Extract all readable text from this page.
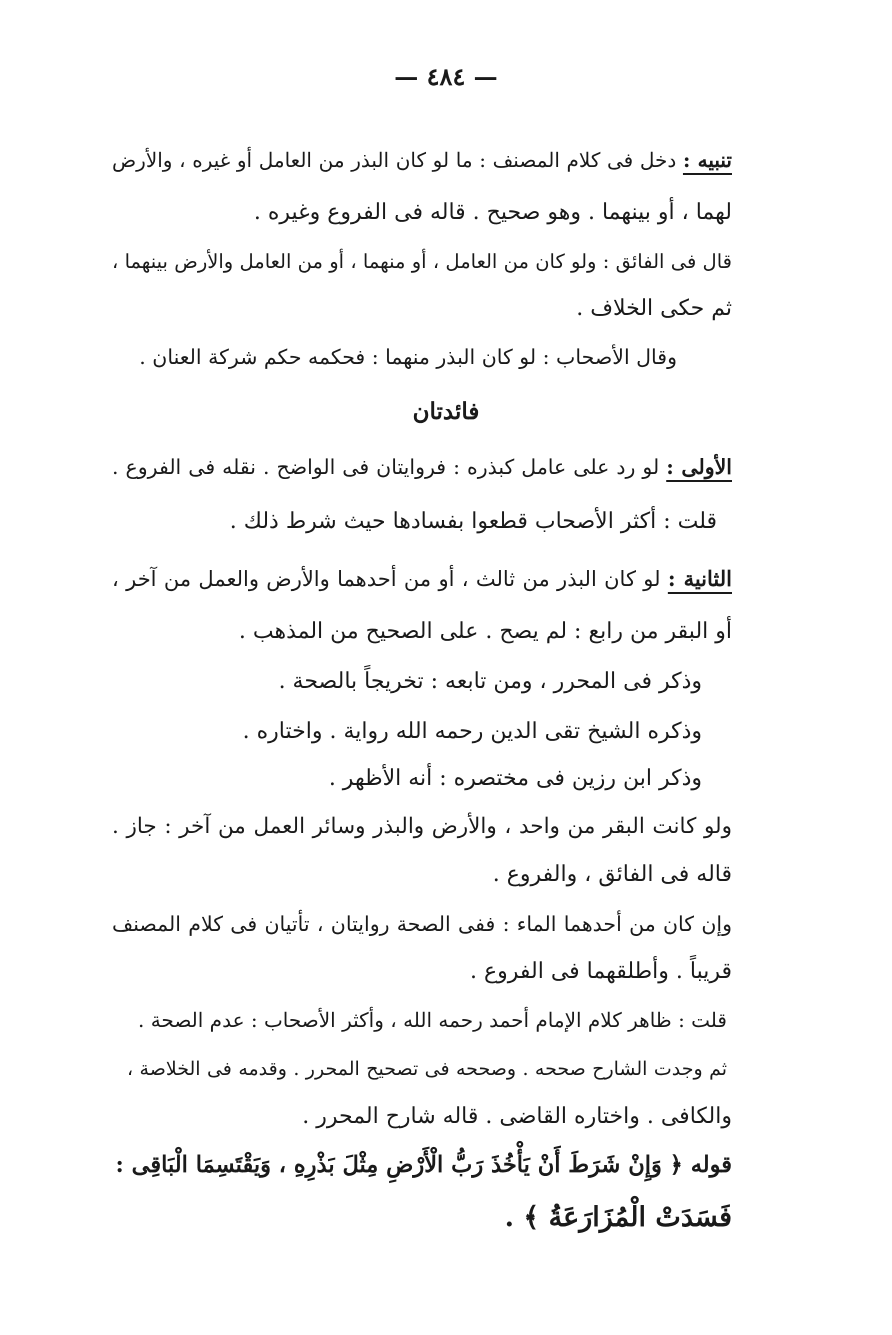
— ٤٨٤ —
تنبيه : دخل فى كلام المصنف : ما لو كان البذر من العامل أو غيره ، والأرض
لهما ، أو بينهما . وهو صحيح . قاله فى الفروع وغيره .
قال فى الفائق : ولو كان من العامل ، أو منهما ، أو من العامل والأرض بينهما ،
ثم حكى الخلاف .
وقال الأصحاب : لو كان البذر منهما : فحكمه حكم شركة العنان .
فائدتان
الأولى : لو رد على عامل كبذره : فروايتان فى الواضح . نقله فى الفروع .
قلت : أكثر الأصحاب قطعوا بفسادها حيث شرط ذلك .
الثانية : لو كان البذر من ثالث ، أو من أحدهما والأرض والعمل من آخر ،
أو البقر من رابع : لم يصح . على الصحيح من المذهب .
وذكر فى المحرر ، ومن تابعه : تخريجاً بالصحة .
وذكره الشيخ تقى الدين رحمه الله رواية . واختاره .
وذكر ابن رزين فى مختصره : أنه الأظهر .
ولو كانت البقر من واحد ، والأرض والبذر وسائر العمل من آخر : جاز .
قاله فى الفائق ، والفروع .
وإن كان من أحدهما الماء : ففى الصحة روايتان ، تأتيان فى كلام المصنف
قريباً . وأطلقهما فى الفروع .
قلت : ظاهر كلام الإمام أحمد رحمه الله ، وأكثر الأصحاب : عدم الصحة .
ثم وجدت الشارح صححه . وصححه فى تصحيح المحرر . وقدمه فى الخلاصة ،
والكافى . واختاره القاضى . قاله شارح المحرر .
قوله ﴿ وَإِنْ شَرَطَ أَنْ يَأْخُذَ رَبُّ الْأَرْضِ مِثْلَ بَذْرِهِ ، وَيَقْتَسِمَا الْبَاقِى :
فَسَدَتْ الْمُزَارَعَةُ ﴾ .
